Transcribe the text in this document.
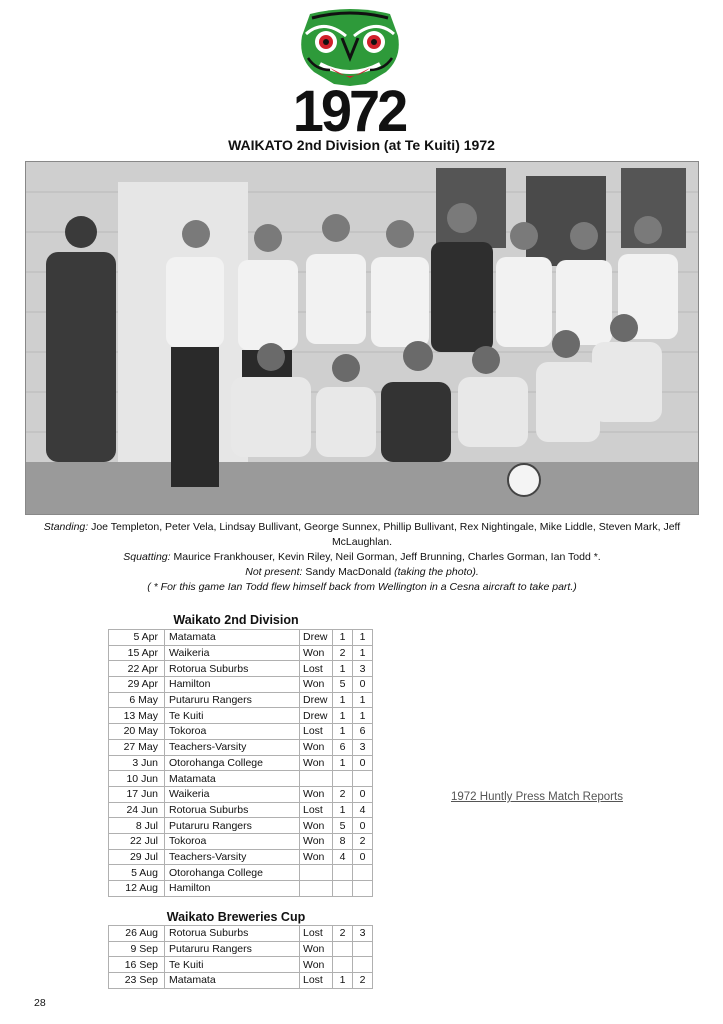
1972
WAIKATO 2nd Division (at Te Kuiti) 1972
Standing: Joe Templeton, Peter Vela, Lindsay Bullivant, George Sunnex, Phillip Bullivant, Rex Nightingale, Mike Liddle, Steven Mark, Jeff McLaughlan.
Squatting: Maurice Frankhouser, Kevin Riley, Neil Gorman, Jeff Brunning, Charles Gorman, Ian Todd *.
Not present: Sandy MacDonald (taking the photo).
( * For this game Ian Todd flew himself back from Wellington in a Cesna aircraft to take part.)
Waikato 2nd Division
5 Apr	Matamata	Drew	1	1
15 Apr	Waikeria	Won	2	1
22 Apr	Rotorua Suburbs	Lost	1	3
29 Apr	Hamilton	Won	5	0
6 May	Putaruru Rangers	Drew	1	1
13 May	Te Kuiti	Drew	1	1
20 May	Tokoroa	Lost	1	6
27 May	Teachers-Varsity	Won	6	3
3 Jun	Otorohanga College	Won	1	0
10 Jun	Matamata			
17 Jun	Waikeria	Won	2	0
24 Jun	Rotorua Suburbs	Lost	1	4
8 Jul	Putaruru Rangers	Won	5	0
22 Jul	Tokoroa	Won	8	2
29 Jul	Teachers-Varsity	Won	4	0
5 Aug	Otorohanga College			
12 Aug	Hamilton			
Waikato Breweries Cup
26 Aug	Rotorua Suburbs	Lost	2	3
9 Sep	Putaruru Rangers	Won		
16 Sep	Te Kuiti	Won		
23 Sep	Matamata	Lost	1	2
1972 Huntly Press Match Reports
28
